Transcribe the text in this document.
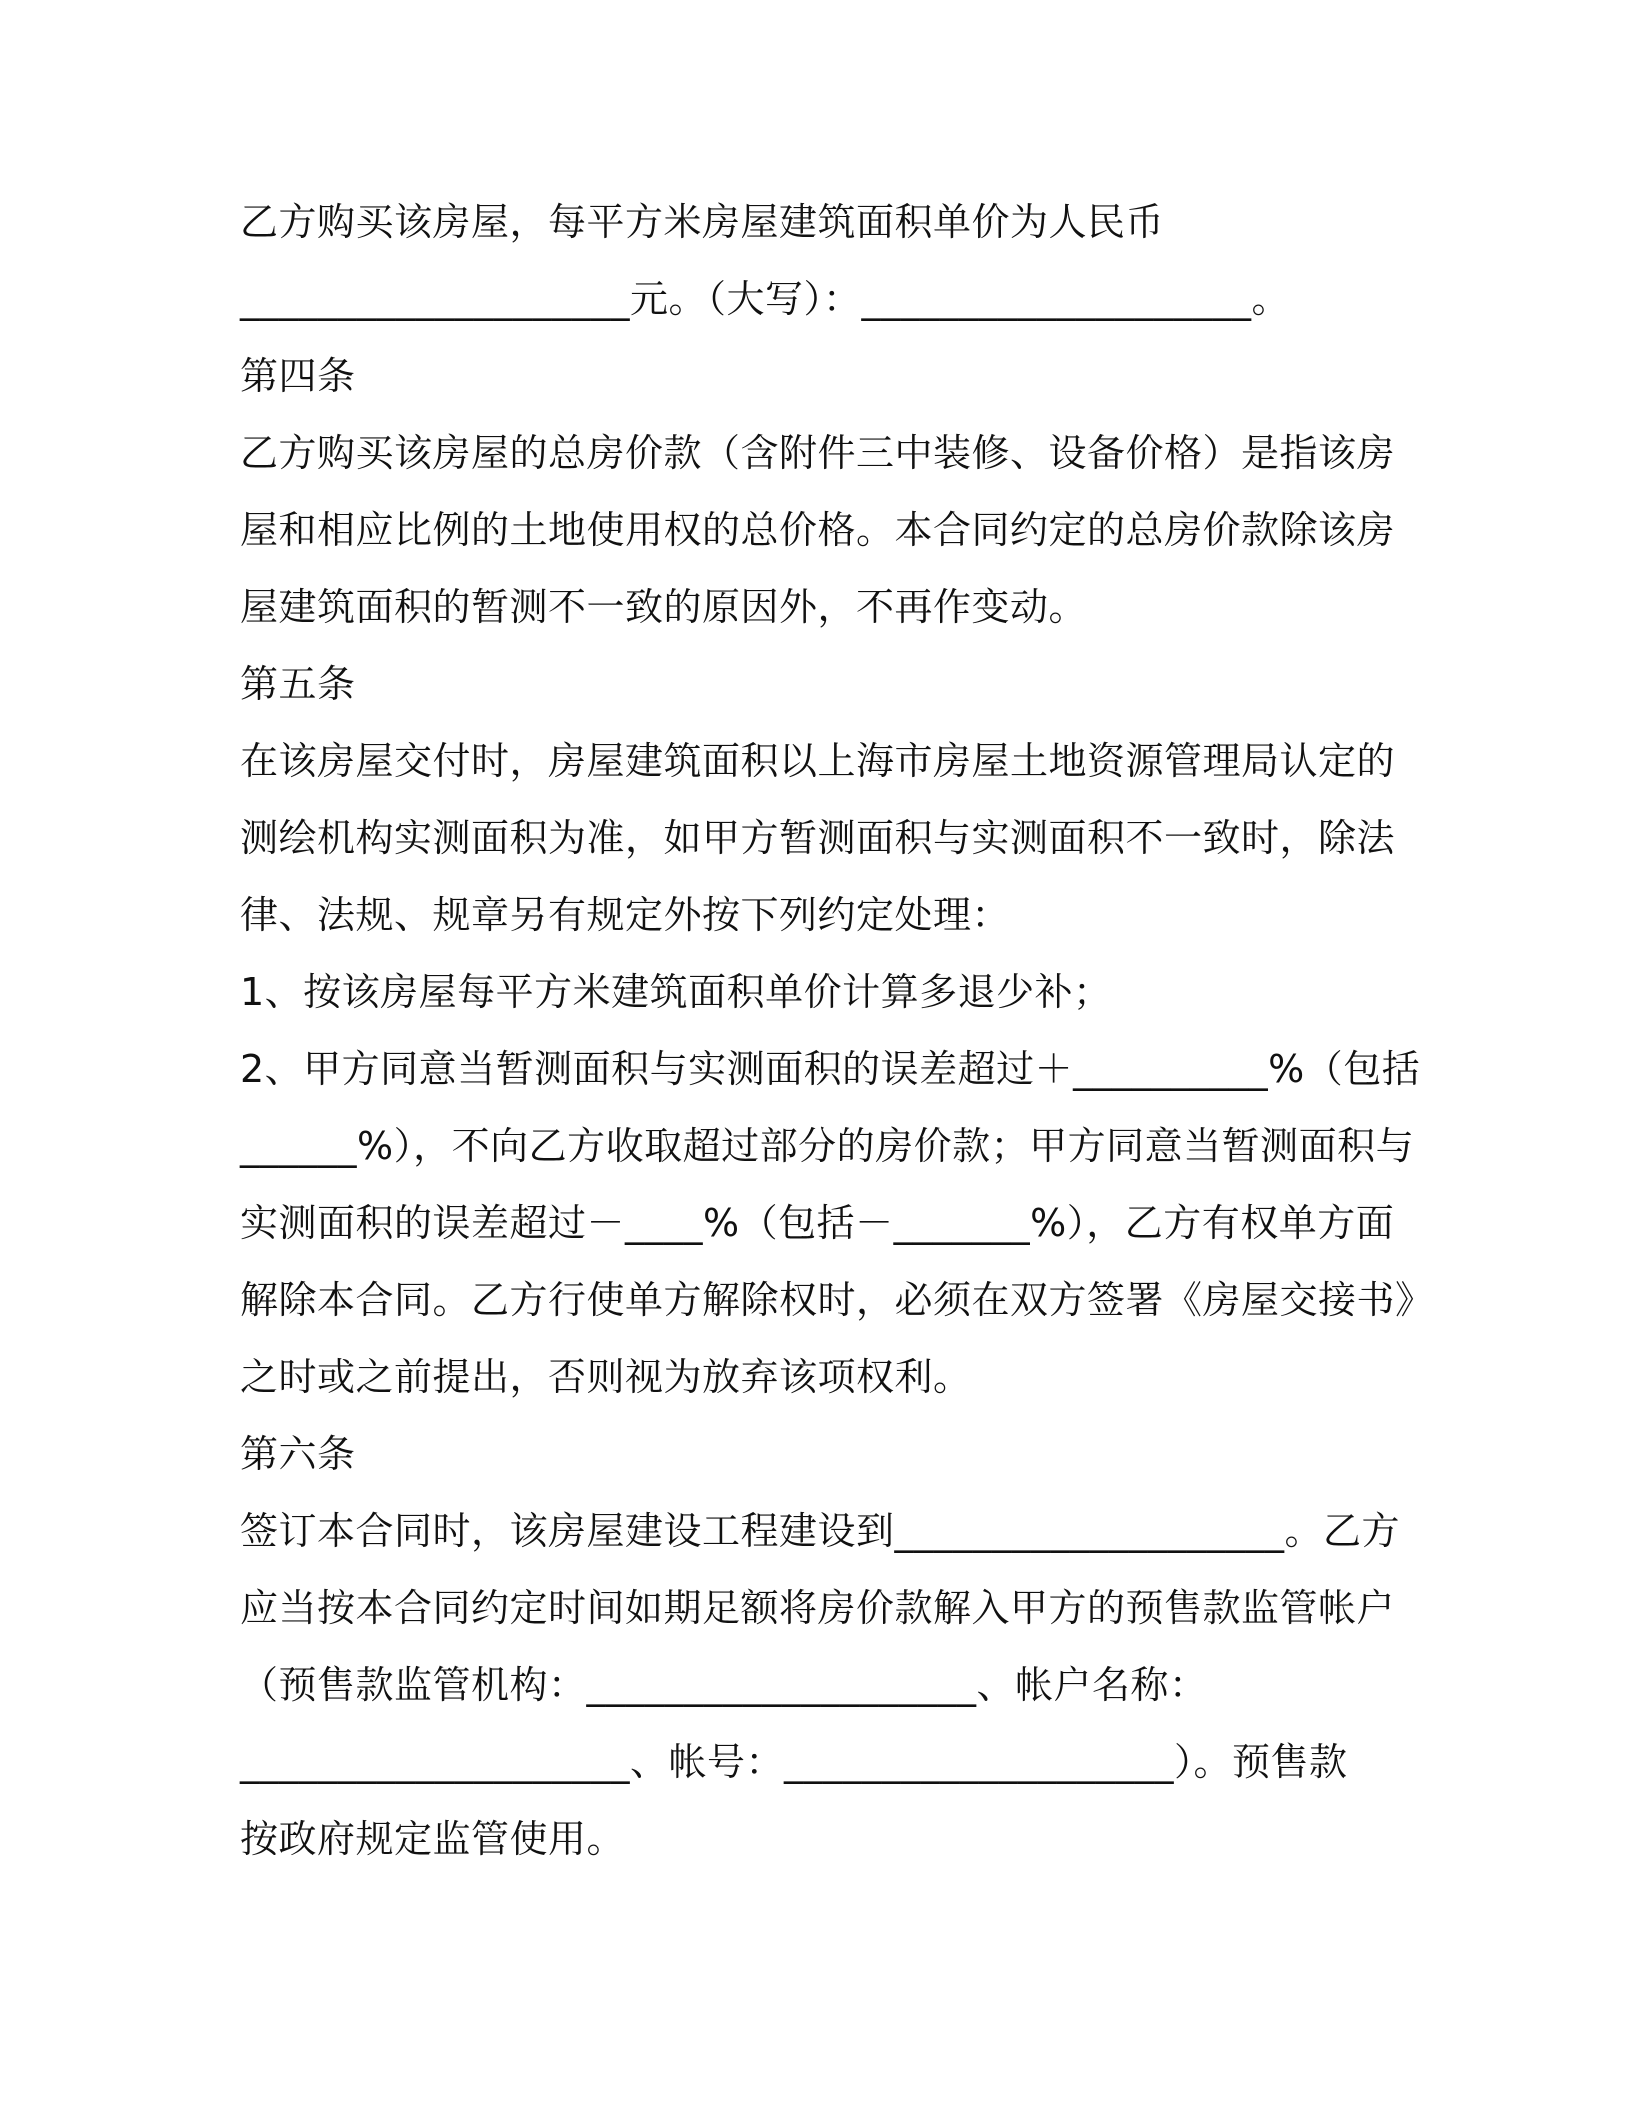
乙方购买该房屋，每平方米房屋建筑面积单价为人民币
____________________元。（大写）：____________________。
第四条
乙方购买该房屋的总房价款（含附件三中装修、设备价格）是指该房
屋和相应比例的土地使用权的总价格。本合同约定的总房价款除该房
屋建筑面积的暂测不一致的原因外，不再作变动。
第五条
在该房屋交付时，房屋建筑面积以上海市房屋土地资源管理局认定的
测绘机构实测面积为准，如甲方暂测面积与实测面积不一致时，除法
律、法规、规章另有规定外按下列约定处理：
1、按该房屋每平方米建筑面积单价计算多退少补；
2、甲方同意当暂测面积与实测面积的误差超过＋__________%（包括
______%），不向乙方收取超过部分的房价款；甲方同意当暂测面积与
实测面积的误差超过－____%（包括－_______%），乙方有权单方面
解除本合同。乙方行使单方解除权时，必须在双方签署《房屋交接书》
之时或之前提出，否则视为放弃该项权利。
第六条
签订本合同时，该房屋建设工程建设到____________________。乙方
应当按本合同约定时间如期足额将房价款解入甲方的预售款监管帐户
（预售款监管机构：____________________、帐户名称：
____________________、帐号：____________________）。预售款
按政府规定监管使用。
